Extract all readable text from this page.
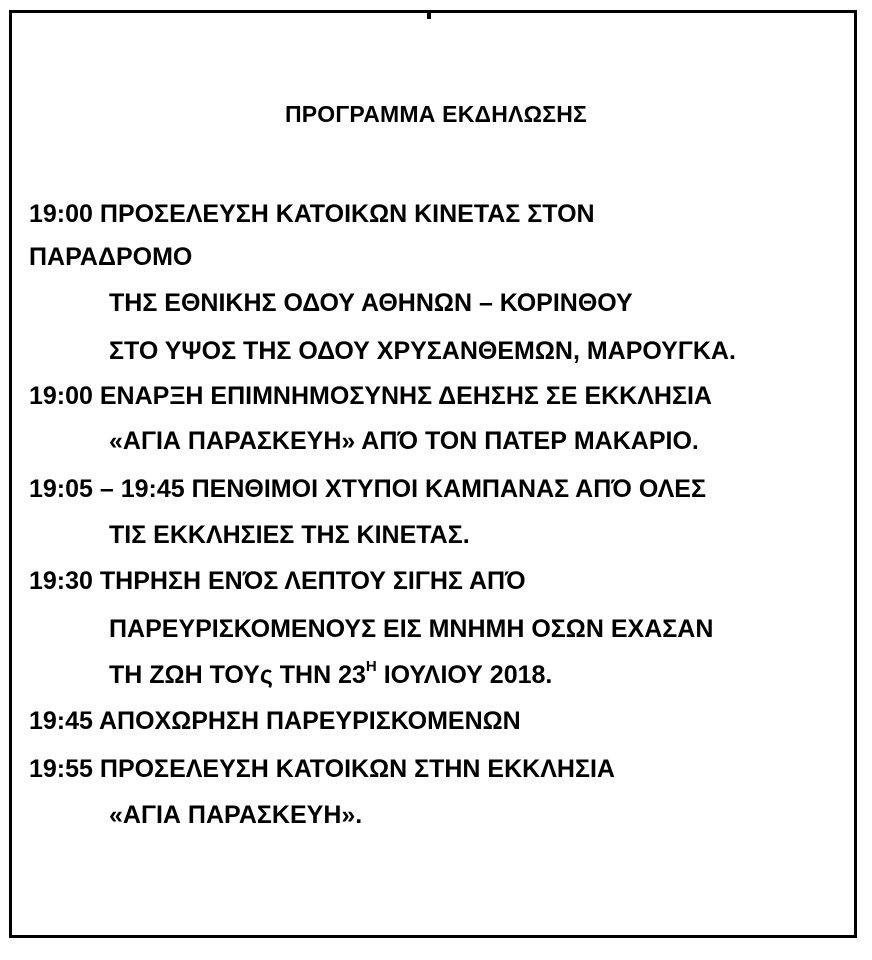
ΠΡΟΓΡΑΜΜΑ ΕΚΔΗΛΩΣΗΣ
19:00 ΠΡΟΣΕΛΕΥΣΗ ΚΑΤΟΙΚΩΝ ΚΙΝΕΤΑΣ ΣΤΟΝ
ΠΑΡΑΔΡΟΜΟ
ΤΗΣ ΕΘΝΙΚΗΣ ΟΔΟΥ ΑΘΗΝΩΝ – ΚΟΡΙΝΘΟΥ
ΣΤΟ ΥΨΟΣ ΤΗΣ ΟΔΟΥ ΧΡΥΣΑΝΘΕΜΩΝ, ΜΑΡΟΥΓΚΑ.
19:00 ΕΝΑΡΞΗ ΕΠΙΜΝΗΜΟΣΥΝΗΣ ΔΕΗΣΗΣ ΣΕ ΕΚΚΛΗΣΙΑ
«ΑΓΙΑ ΠΑΡΑΣΚΕΥΗ» ΑΠΌ ΤΟΝ ΠΑΤΕΡ ΜΑΚΑΡΙΟ.
19:05 – 19:45 ΠΕΝΘΙΜΟΙ ΧΤΥΠΟΙ ΚΑΜΠΑΝΑΣ ΑΠΌ ΟΛΕΣ
ΤΙΣ ΕΚΚΛΗΣΙΕΣ ΤΗΣ ΚΙΝΕΤΑΣ.
19:30 ΤΗΡΗΣΗ ΕΝΌΣ ΛΕΠΤΟΥ ΣΙΓΗΣ ΑΠΌ
ΠΑΡΕΥΡΙΣΚΟΜΕΝΟΥΣ ΕΙΣ ΜΝΗΜΗ ΟΣΩΝ ΕΧΑΣΑΝ
ΤΗ ΖΩΗ ΤΟΥς ΤΗΝ $23^H$ ΙΟΥΛΙΟΥ 2018.
19:45 ΑΠΟΧΩΡΗΣΗ ΠΑΡΕΥΡΙΣΚΟΜΕΝΩΝ
19:55 ΠΡΟΣΕΛΕΥΣΗ ΚΑΤΟΙΚΩΝ ΣΤΗΝ ΕΚΚΛΗΣΙΑ
«ΑΓΙΑ ΠΑΡΑΣΚΕΥΗ».
